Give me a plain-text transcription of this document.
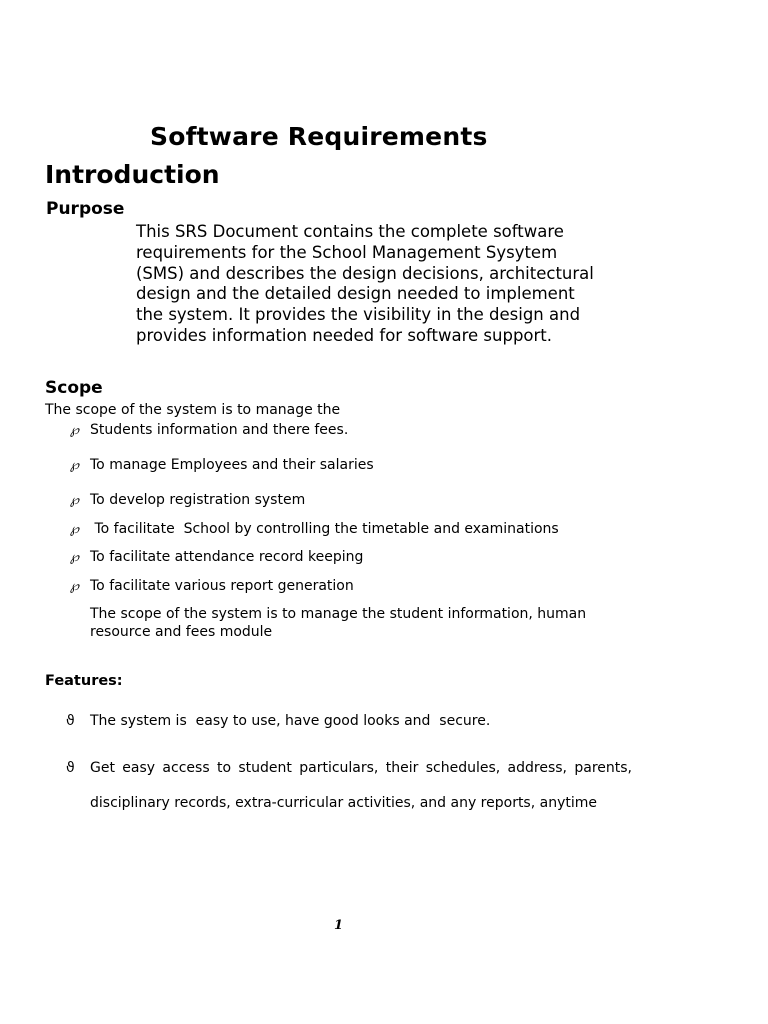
Software Requirements
Introduction
Purpose
This SRS Document contains the complete software
requirements for the School Management Sysytem
(SMS) and describes the design decisions, architectural
design and the detailed design needed to implement
the system. It provides the visibility in the design and
provides information needed for software support.
Scope
The scope of the system is to manage the
℘ Students information and there fees.
℘ To manage Employees and their salaries
℘ To develop registration system
℘ To facilitate  School by controlling the timetable and examinations
℘ To facilitate attendance record keeping
℘ To facilitate various report generation
The scope of the system is to manage the student information, human resource and fees module
Features:
ϑ The system is  easy to use, have good looks and  secure.
ϑ Get easy access to student particulars, their schedules, address, parents, disciplinary records, extra-curricular activities, and any reports, anytime
1
